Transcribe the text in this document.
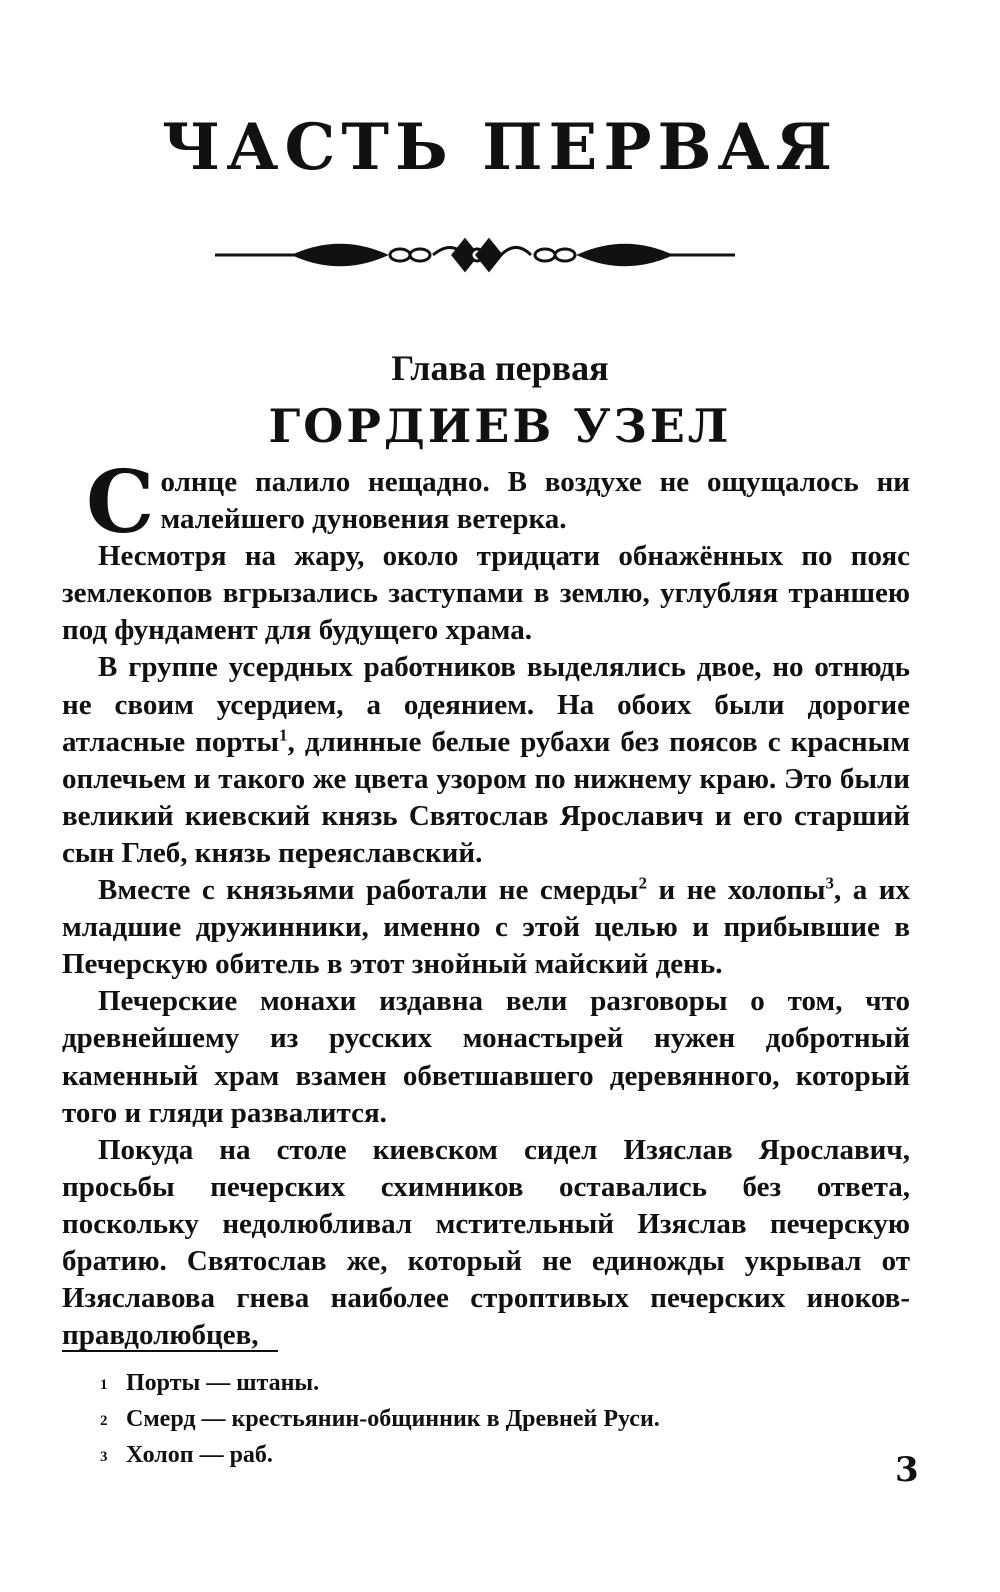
ЧАСТЬ ПЕРВАЯ
Глава первая
ГОРДИЕВ УЗЕЛ

Солнце палило нещадно. В воздухе не ощущалось ни малейшего дуновения ветерка.

Несмотря на жару, около тридцати обнажённых по пояс землекопов вгрызались заступами в землю, углубляя траншею под фундамент для будущего храма.

В группе усердных работников выделялись двое, но отнюдь не своим усердием, а одеянием. На обоих были дорогие атласные порты$^1$, длинные белые рубахи без поясов с красным оплечьем и такого же цвета узором по нижнему краю. Это были великий киевский князь Святослав Ярославич и его старший сын Глеб, князь переяславский.

Вместе с князьями работали не смерды$^2$ и не холопы$^3$, а их младшие дружинники, именно с этой целью и прибывшие в Печерскую обитель в этот знойный майский день.

Печерские монахи издавна вели разговоры о том, что древнейшему из русских монастырей нужен добротный каменный храм взамен обветшавшего деревянного, который того и гляди развалится.

Покуда на столе киевском сидел Изяслав Ярославич, просьбы печерских схимников оставались без ответа, поскольку недолюбливал мстительный Изяслав печерскую братию. Святослав же, который не единожды укрывал от Изяславова гнева наиболее строптивых печерских иноков-правдолюбцев,

1 Порты — штаны.
2 Смерд — крестьянин-общинник в Древней Руси.
3 Холоп — раб.	3
